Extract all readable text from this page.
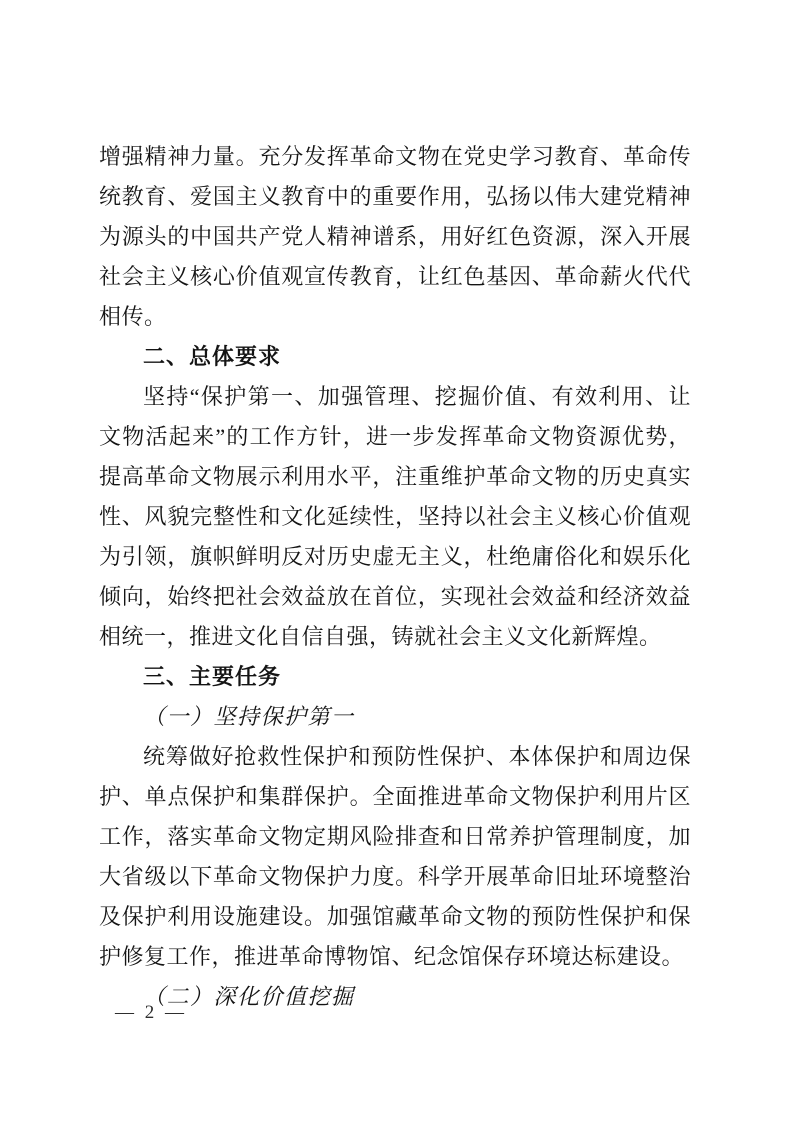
增强精神力量。充分发挥革命文物在党史学习教育、革命传统教育、爱国主义教育中的重要作用，弘扬以伟大建党精神为源头的中国共产党人精神谱系，用好红色资源，深入开展社会主义核心价值观宣传教育，让红色基因、革命薪火代代相传。

二、总体要求

坚持“保护第一、加强管理、挖掘价值、有效利用、让文物活起来”的工作方针，进一步发挥革命文物资源优势，提高革命文物展示利用水平，注重维护革命文物的历史真实性、风貌完整性和文化延续性，坚持以社会主义核心价值观为引领，旗帜鲜明反对历史虚无主义，杜绝庸俗化和娱乐化倾向，始终把社会效益放在首位，实现社会效益和经济效益相统一，推进文化自信自强，铸就社会主义文化新辉煌。

三、主要任务

（一）坚持保护第一

统筹做好抢救性保护和预防性保护、本体保护和周边保护、单点保护和集群保护。全面推进革命文物保护利用片区工作，落实革命文物定期风险排查和日常养护管理制度，加大省级以下革命文物保护力度。科学开展革命旧址环境整治及保护利用设施建设。加强馆藏革命文物的预防性保护和保护修复工作，推进革命博物馆、纪念馆保存环境达标建设。

（二）深化价值挖掘

— 2 —
